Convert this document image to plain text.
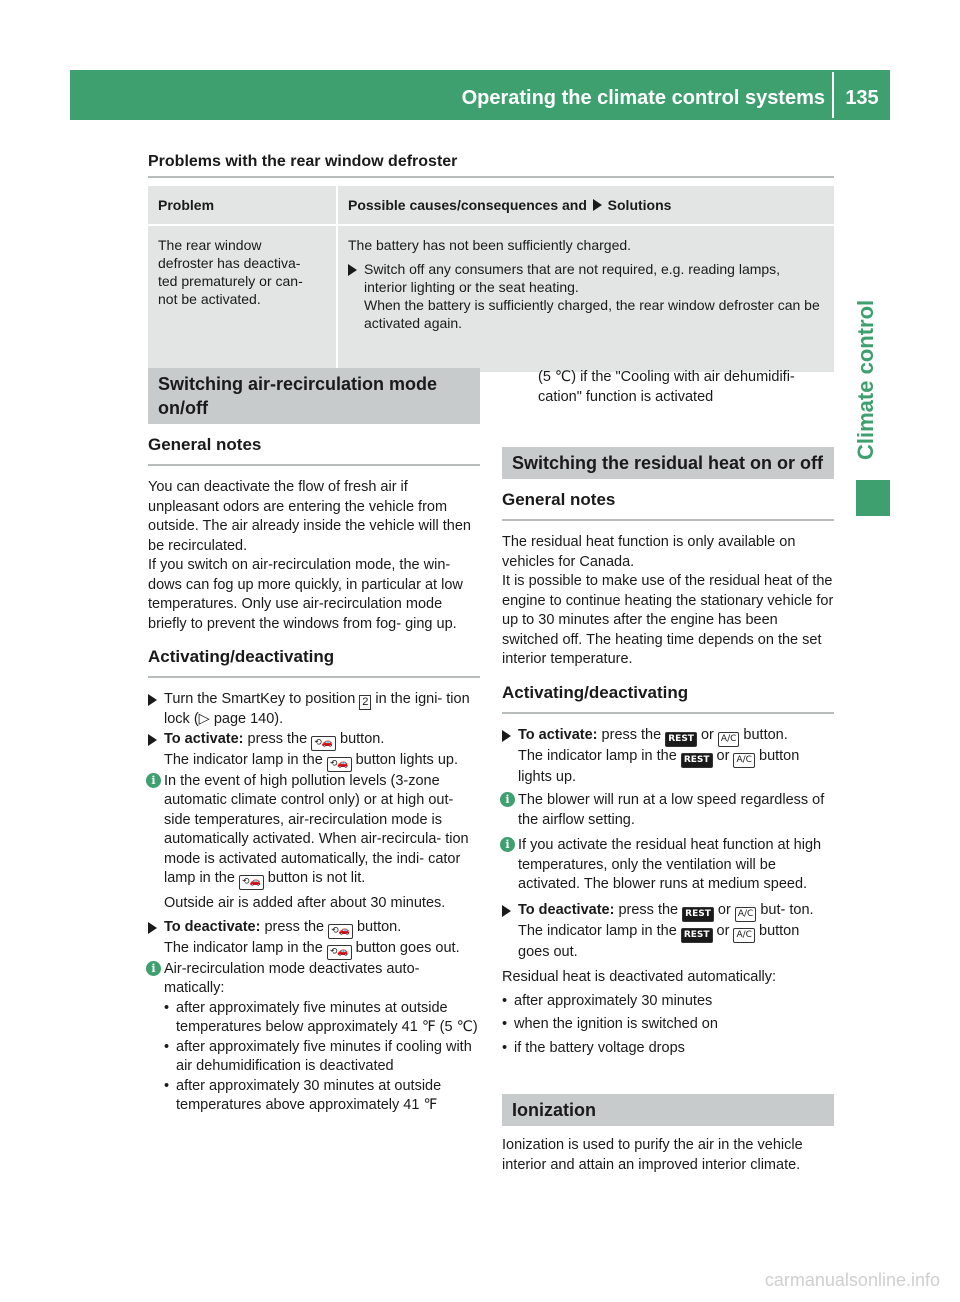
Operating the climate control systems	135
Climate control
Problems with the rear window defroster
Problem	Possible causes/consequences and Solutions
The rear window defroster has deactiva- ted prematurely or can- not be activated.	The battery has not been sufficiently charged.
Switch off any consumers that are not required, e.g. reading lamps, interior lighting or the seat heating.
When the battery is sufficiently charged, the rear window defroster can be activated again.
Switching air-recirculation mode on/off
General notes
You can deactivate the flow of fresh air if unpleasant odors are entering the vehicle from outside. The air already inside the vehicle will then be recirculated.
If you switch on air-recirculation mode, the win- dows can fog up more quickly, in particular at low temperatures. Only use air-recirculation mode briefly to prevent the windows from fog- ging up.
Activating/deactivating
Turn the SmartKey to position 2 in the igni- tion lock (▷ page 140).
To activate: press the ⟲🚗 button.
The indicator lamp in the ⟲🚗 button lights up.
i In the event of high pollution levels (3-zone automatic climate control only) or at high out- side temperatures, air-recirculation mode is automatically activated. When air-recircula- tion mode is activated automatically, the indi- cator lamp in the ⟲🚗 button is not lit.
Outside air is added after about 30 minutes.
To deactivate: press the ⟲🚗 button.
The indicator lamp in the ⟲🚗 button goes out.
i Air-recirculation mode deactivates auto- matically:
• after approximately five minutes at outside temperatures below approximately 41 ℉ (5 ℃)
• after approximately five minutes if cooling with air dehumidification is deactivated
• after approximately 30 minutes at outside temperatures above approximately 41 ℉
(5 ℃) if the "Cooling with air dehumidifi- cation" function is activated
Switching the residual heat on or off
General notes
The residual heat function is only available on vehicles for Canada.
It is possible to make use of the residual heat of the engine to continue heating the stationary vehicle for up to 30 minutes after the engine has been switched off. The heating time depends on the set interior temperature.
Activating/deactivating
To activate: press the REST or A/C button.
The indicator lamp in the REST or A/C button lights up.
i The blower will run at a low speed regardless of the airflow setting.
i If you activate the residual heat function at high temperatures, only the ventilation will be activated. The blower runs at medium speed.
To deactivate: press the REST or A/C but- ton.
The indicator lamp in the REST or A/C button goes out.
Residual heat is deactivated automatically:
• after approximately 30 minutes
• when the ignition is switched on
• if the battery voltage drops
Ionization
Ionization is used to purify the air in the vehicle interior and attain an improved interior climate.
carmanualsonline.info
